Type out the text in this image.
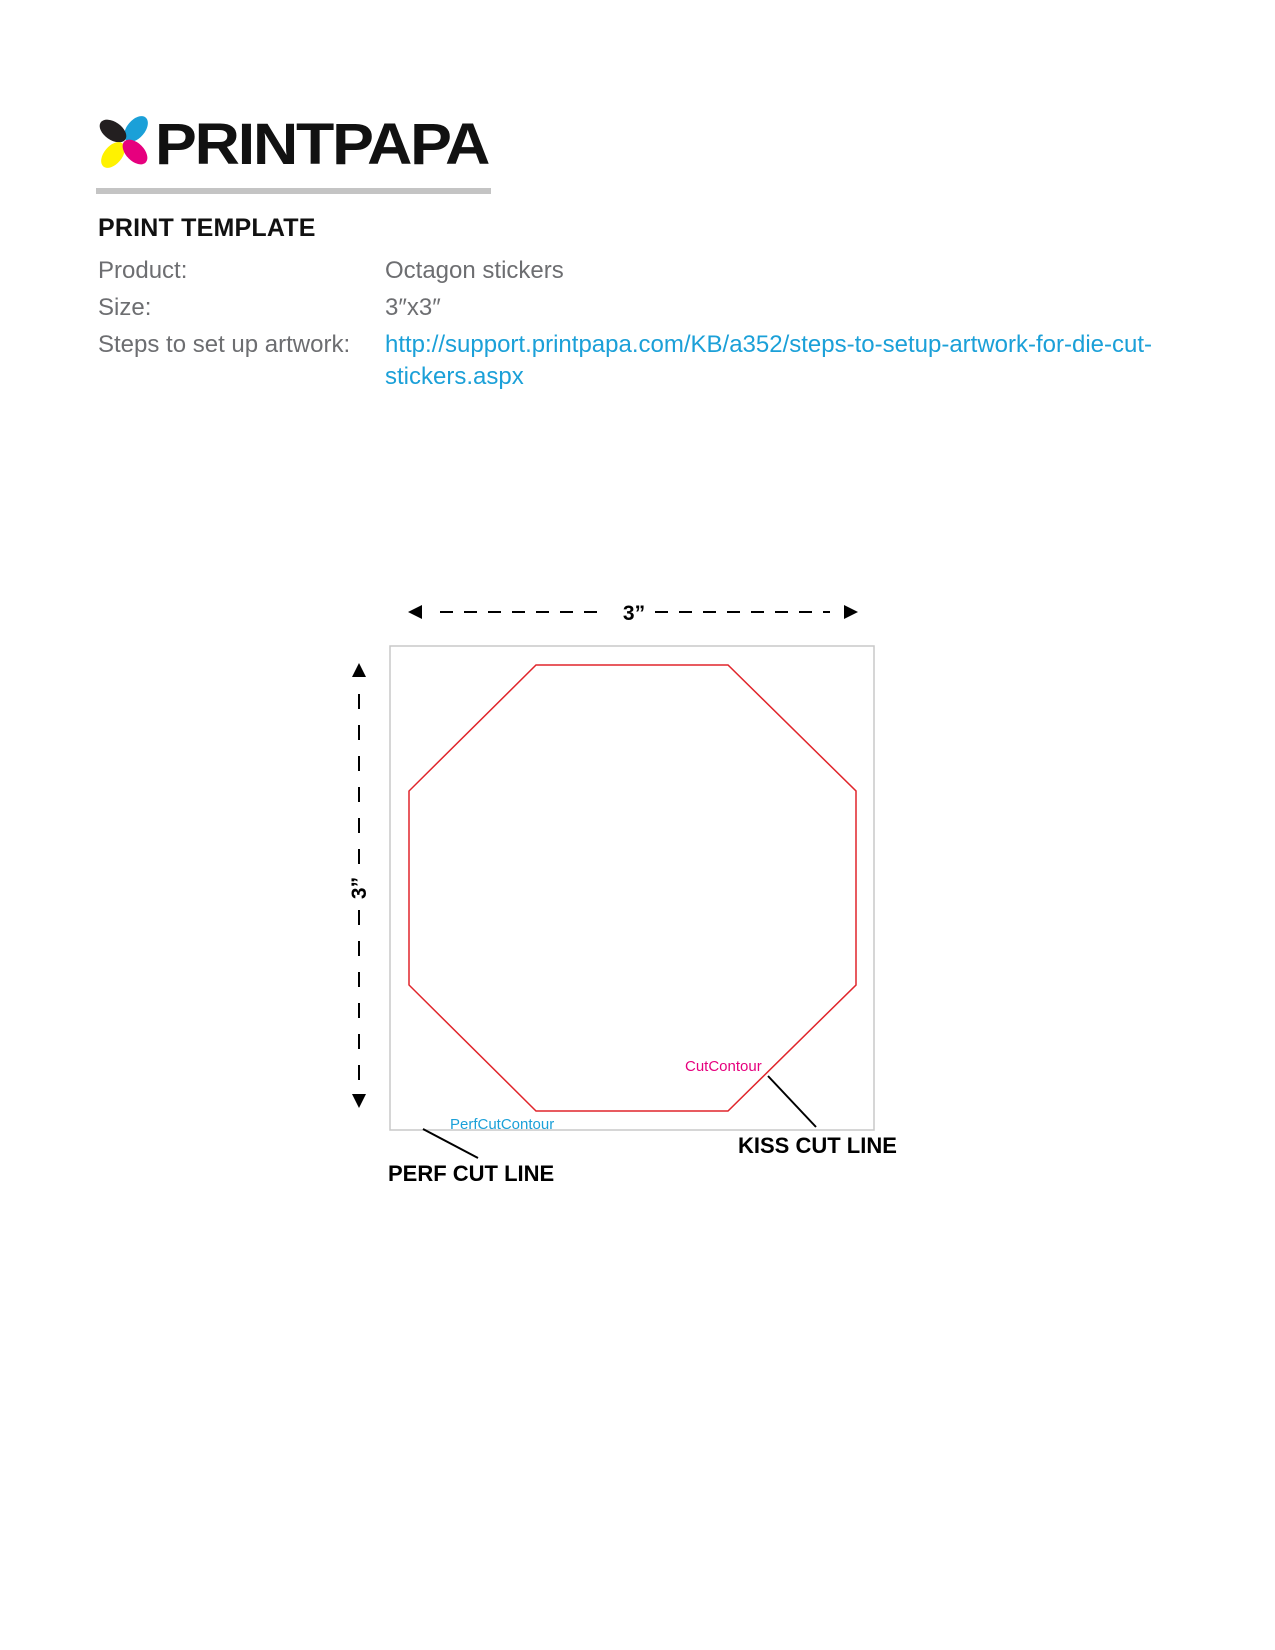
PRINTPAPA
PRINT TEMPLATE
Product:	Octagon stickers
Size:	3″x3″
Steps to set up artwork:	http://support.printpapa.com/KB/a352/steps-to-setup-artwork-for-die-cut-stickers.aspx
3”
3”
CutContour
PerfCutContour
KISS CUT LINE
PERF CUT LINE
